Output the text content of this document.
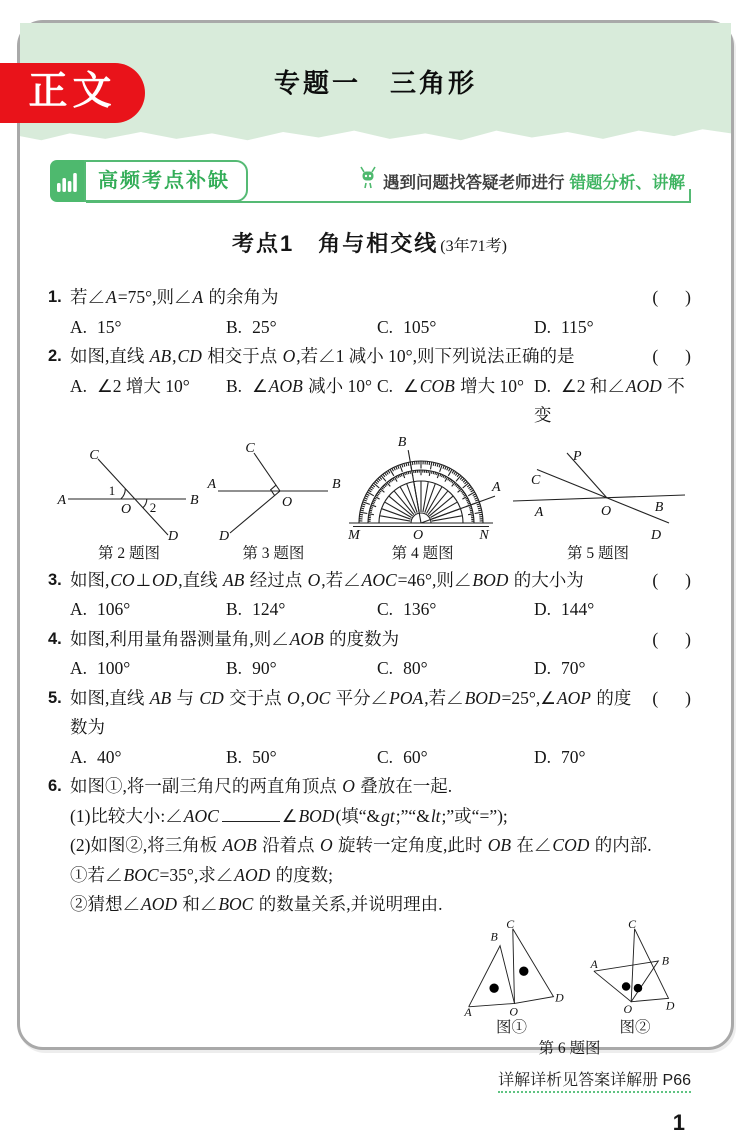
正文	专题一　三角形
高频考点补缺	遇到问题找答疑老师进行 错题分析、讲解
考点1　角与相交线 (3年71考)
1. 若∠A=75°,则∠A 的余角为	( )
A. 15°	B. 25°	C. 105°	D. 115°
2. 如图,直线 AB,CD 相交于点 O,若∠1 减小 10°,则下列说法正确的是	( )
A. ∠2 增大 10°	B. ∠AOB 减小 10° C. ∠COB 增大 10° D. ∠2 和∠AOD 不变
A	B
C
D
O
1
2
第 2 题图
A	B
C
D
O
第 3 题图
B
A
M	O	N
第 4 题图
P
C
A	O	B
D
第 5 题图
3. 如图,CO⊥OD,直线 AB 经过点 O,若∠AOC=46°,则∠BOD 的大小为	( )
A. 106°	B. 124°	C. 136°	D. 144°
4. 如图,利用量角器测量角,则∠AOB 的度数为	( )
A. 100°	B. 90°	C. 80°	D. 70°
5. 如图,直线 AB 与 CD 交于点 O,OC 平分∠POA,若∠BOD=25°,∠AOP 的度数为
( )
A. 40°	B. 50°	C. 60°	D. 70°
6. 如图①,将一副三角尺的两直角顶点 O 叠放在一起.
(1)比较大小:∠AOC	∠BOD(填“&gt;”“&lt;”或“=”);
(2)如图②,将三角板 AOB 沿着点 O 旋转一定角度,此时 OB 在∠COD 的内部.
①若∠BOC=35°,求∠AOD 的度数;
②猜想∠AOD 和∠BOC 的数量关系,并说明理由.
B
C
A	O
D
图①
A
C
B
O D
图②
第 6 题图
详解详析见答案详解册 P66
1
